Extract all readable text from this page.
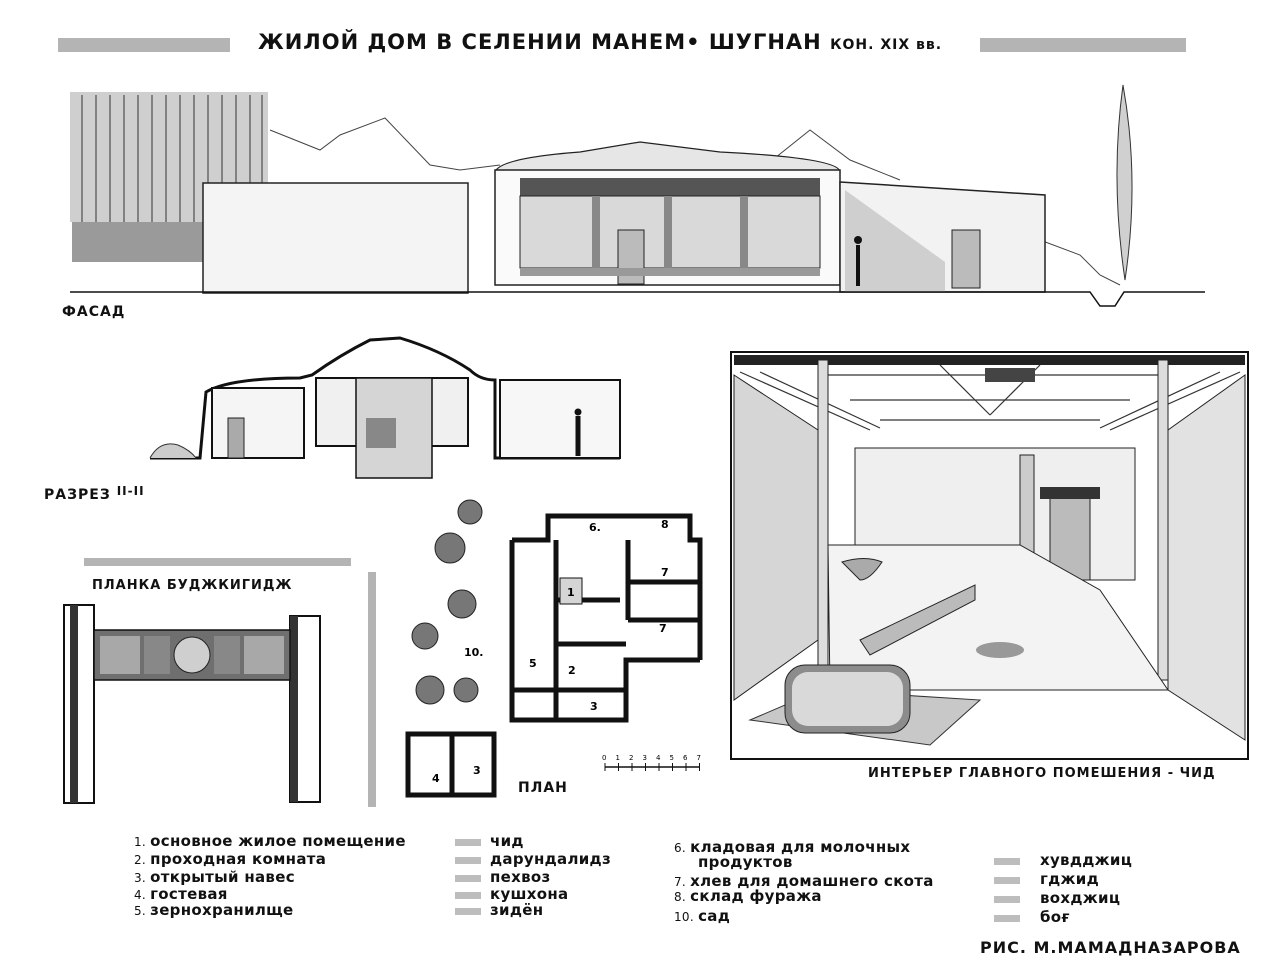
ЖИЛОЙ ДОМ В СЕЛЕНИИ МАНЕМ• ШУГНАН КОН. XIX вв.
ФАСАД
РАЗРЕЗ II-II
ИНТЕРЬЕР ГЛАВНОГО ПОМЕШЕНИЯ - ЧИД
ПЛАНКА БУДЖКИГИДЖ	1
2
3
4
5
6.
7
7
8
10.
3
0 1 2 3 4 5 6 7
ПЛАН
1. основное жилое помещение	чид
2. проходная комната	дарундалидз
3. открытый навес	пехвоз
4. гостевая	кушхона
5. зернохранилще	зидён
6. кладовая для молочных
продуктов	хувдджиц
7. хлев для домашнего скота	гджид
8. склад фуража	вохджиц
10. сад	боғ
РИС. М.МАМАДНАЗАРОВА
